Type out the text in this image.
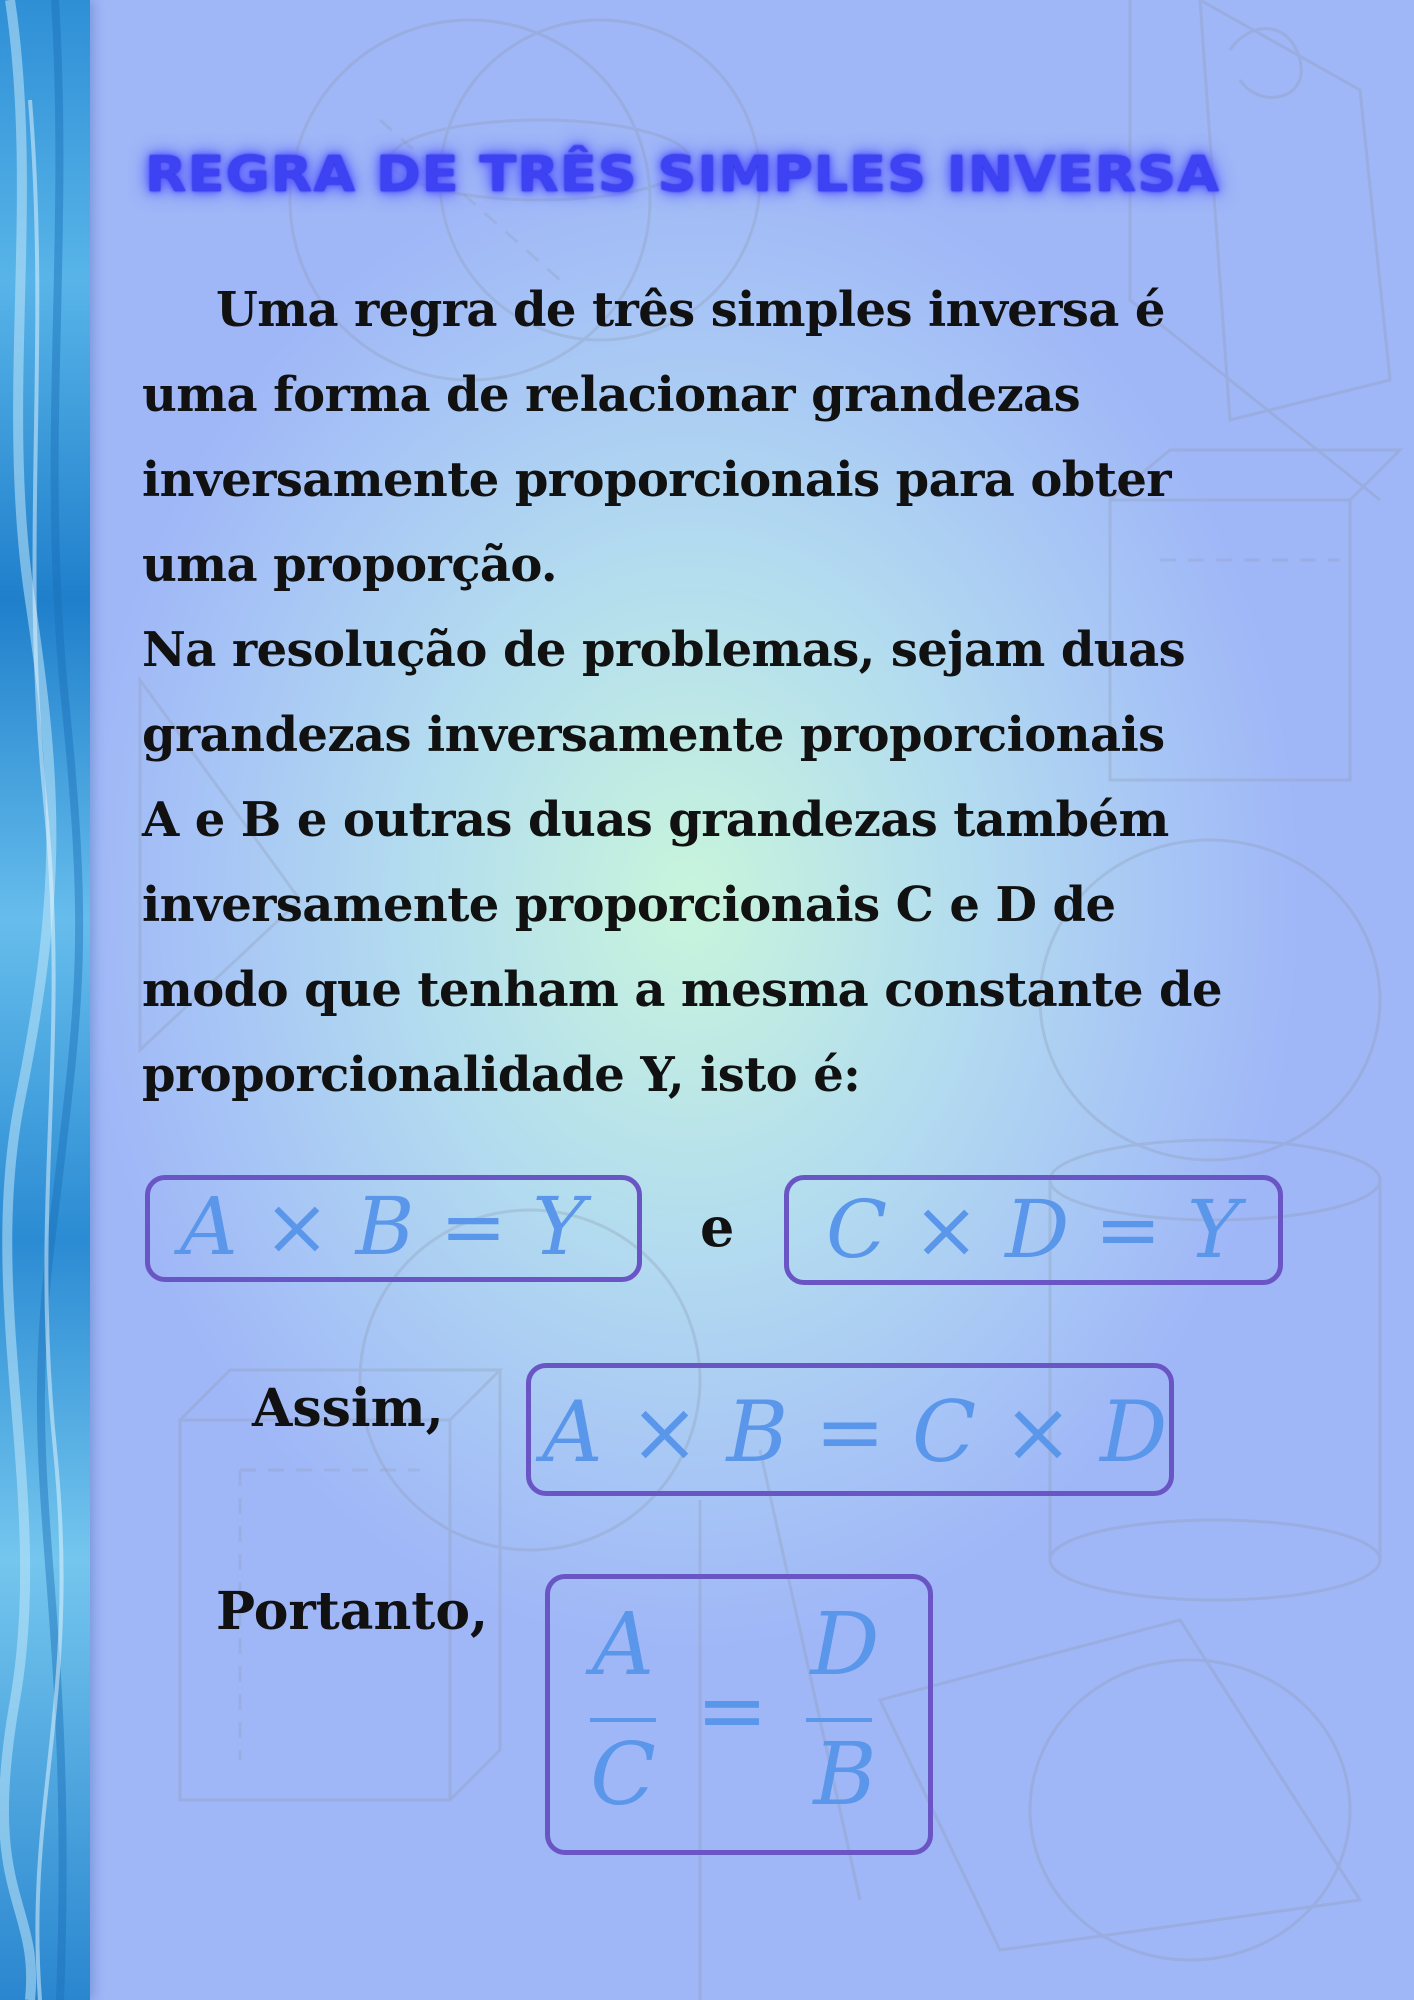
REGRA DE TRÊS SIMPLES INVERSA
Uma regra de três simples inversa é
uma forma de relacionar grandezas
inversamente proporcionais para obter
uma proporção.
Na resolução de problemas, sejam duas
grandezas inversamente proporcionais
A e B e outras duas grandezas também
inversamente proporcionais C e D de
modo que tenham a mesma constante de
proporcionalidade Y, isto é:
A × B = Y e C × D = Y
Assim, A × B = C × D
Portanto, A
C
=
D
B
